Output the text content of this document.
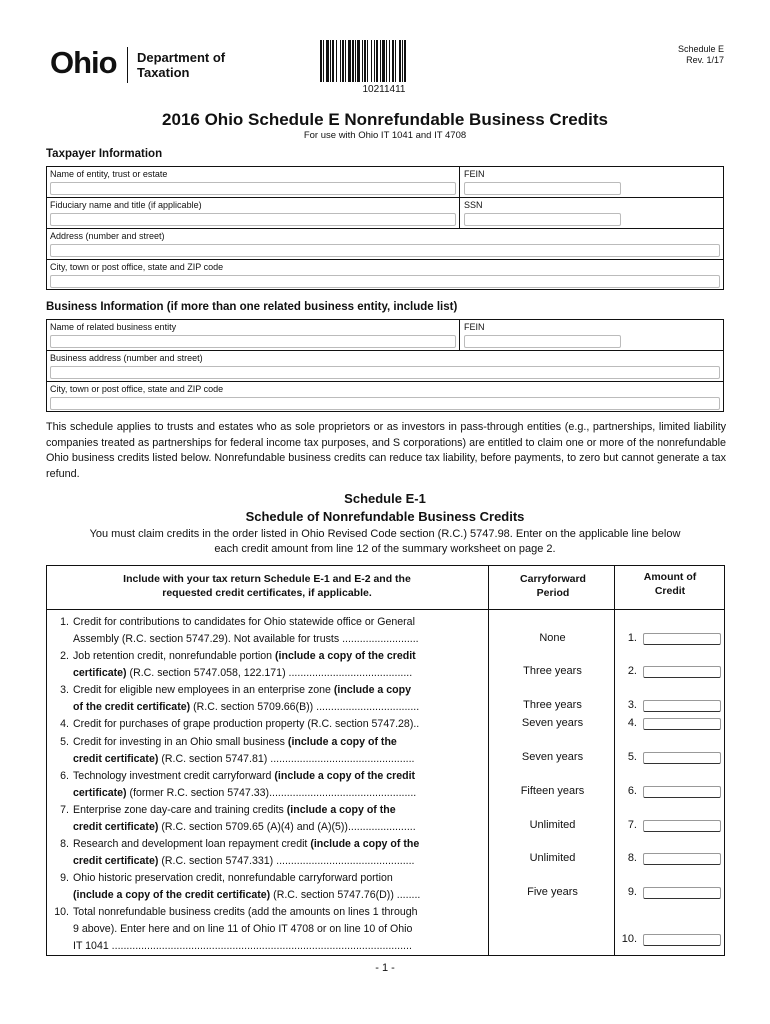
Ohio Department of Taxation
10211411
Schedule E
Rev. 1/17
2016 Ohio Schedule E Nonrefundable Business Credits
For use with Ohio IT 1041 and IT 4708
Taxpayer Information
Name of entity, trust or estate	FEIN
Fiduciary name and title (if applicable)	SSN
Address (number and street)
City, town or post office, state and ZIP code
Business Information (if more than one related business entity, include list)
Name of related business entity	FEIN
Business address (number and street)
City, town or post office, state and ZIP code
This schedule applies to trusts and estates who as sole proprietors or as investors in pass-through entities (e.g., partnerships, limited liability companies treated as partnerships for federal income tax purposes, and S corporations) are entitled to claim one or more of the nonrefundable Ohio business credits listed below. Nonrefundable business credits can reduce tax liability, before payments, to zero but cannot generate a tax refund.
Schedule E-1
Schedule of Nonrefundable Business Credits
You must claim credits in the order listed in Ohio Revised Code section (R.C.) 5747.98. Enter on the applicable line below each credit amount from line 12 of the summary worksheet on page 2.
Include with your tax return Schedule E-1 and E-2 and the requested credit certificates, if applicable.
Carryforward Period
Amount of Credit
1. Credit for contributions to candidates for Ohio statewide office or General
Assembly (R.C. section 5747.29). Not available for trusts ..........................	None	1.
2. Job retention credit, nonrefundable portion (include a copy of the credit
certificate) (R.C. section 5747.058, 122.171) ..........................................	Three years	2.
3. Credit for eligible new employees in an enterprise zone (include a copy
of the credit certificate) (R.C. section 5709.66(B)) ...................................	Three years	3.
4. Credit for purchases of grape production property (R.C. section 5747.28)..	Seven years	4.
5. Credit for investing in an Ohio small business (include a copy of the
credit certificate) (R.C. section 5747.81) .................................................	Seven years	5.
6. Technology investment credit carryforward (include a copy of the credit
certificate) (former R.C. section 5747.33)..................................................	Fifteen years	6.
7. Enterprise zone day-care and training credits (include a copy of the
credit certificate) (R.C. section 5709.65 (A)(4) and (A)(5)).......................	Unlimited	7.
8. Research and development loan repayment credit (include a copy of the
credit certificate) (R.C. section 5747.331) ...............................................	Unlimited	8.
9. Ohio historic preservation credit, nonrefundable carryforward portion
(include a copy of the credit certificate) (R.C. section 5747.76(D)) ........	Five years	9.
10. Total nonrefundable business credits (add the amounts on lines 1 through
9 above). Enter here and on line 11 of Ohio IT 4708 or on line 10 of Ohio
IT 1041 ......................................................................................................
10.
- 1 -
